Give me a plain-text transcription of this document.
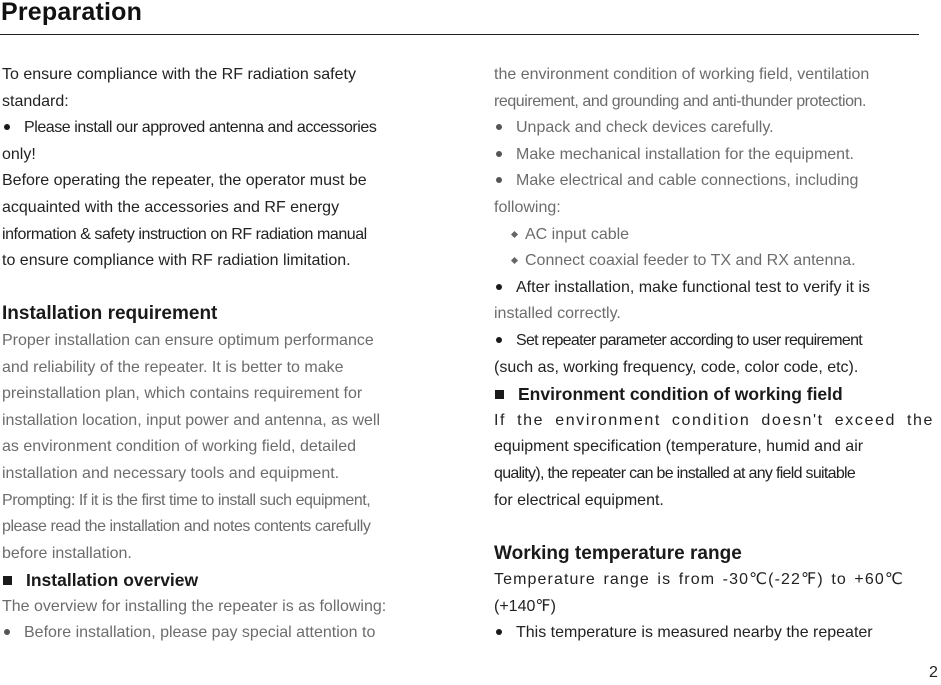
Preparation
To ensure compliance with the RF radiation safety
standard:
Please install our approved antenna and accessories
only!
Before operating the repeater, the operator must be
acquainted with the accessories and RF energy
information & safety instruction on RF radiation manual
to ensure compliance with RF radiation limitation.
Installation requirement
Proper installation can ensure optimum performance
and reliability of the repeater. It is better to make
preinstallation plan, which contains requirement for
installation location, input power and antenna, as well
as environment condition of working field, detailed
installation and necessary tools and equipment.
Prompting: If it is the first time to install such equipment,
please read the installation and notes contents carefully
before installation.
Installation overview
The overview for installing the repeater is as following:
Before installation, please pay special attention to
the environment condition of working field, ventilation
requirement, and grounding and anti-thunder protection.
Unpack and check devices carefully.
Make mechanical installation for the equipment.
Make electrical and cable connections, including
following:
AC input cable
Connect coaxial feeder to TX and RX antenna.
After installation, make functional test to verify it is
installed correctly.
Set repeater parameter according to user requirement
(such as, working frequency, code, color code, etc).
Environment condition of working field
If the environment condition doesn't exceed the
equipment specification (temperature, humid and air
quality), the repeater can be installed at any field suitable
for electrical equipment.
Working temperature range
Temperature range is from -30℃(-22℉) to +60℃
(+140℉)
This temperature is measured nearby the repeater
2
